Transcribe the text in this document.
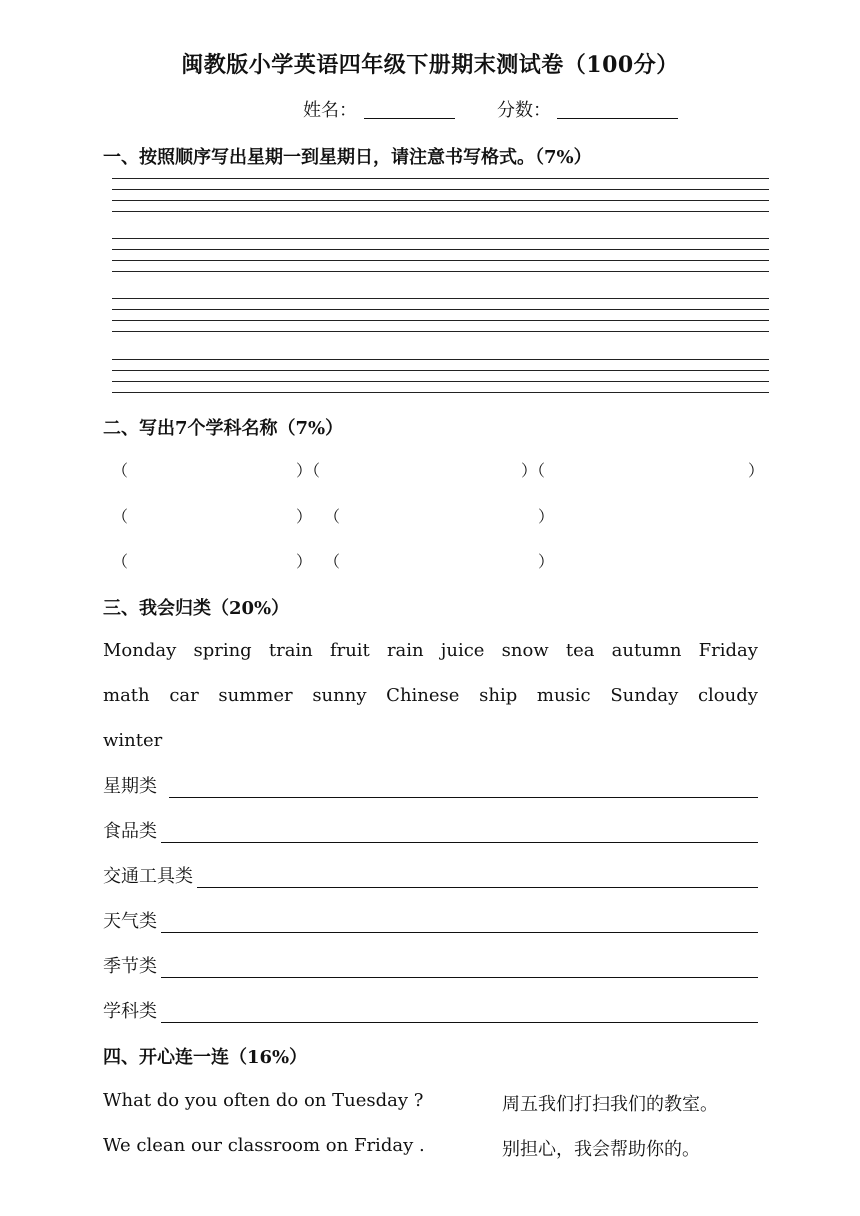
闽教版小学英语四年级下册期末测试卷（100分）
姓名：	分数：
一、按照顺序写出星期一到星期日，请注意书写格式。（7%）
二、写出7个学科名称（7%）
（	）（	）（	）
（	） （	）
（	） （	）
三、我会归类（20%）
Monday spring train fruit rain juice snow tea autumn Friday
math car summer sunny Chinese ship music Sunday cloudy
winter
星期类
食品类
交通工具类
天气类
季节类
学科类
四、开心连一连（16%）
What do you often do on Tuesday ?	周五我们打扫我们的教室。
We clean our classroom on Friday .	别担心，我会帮助你的。
